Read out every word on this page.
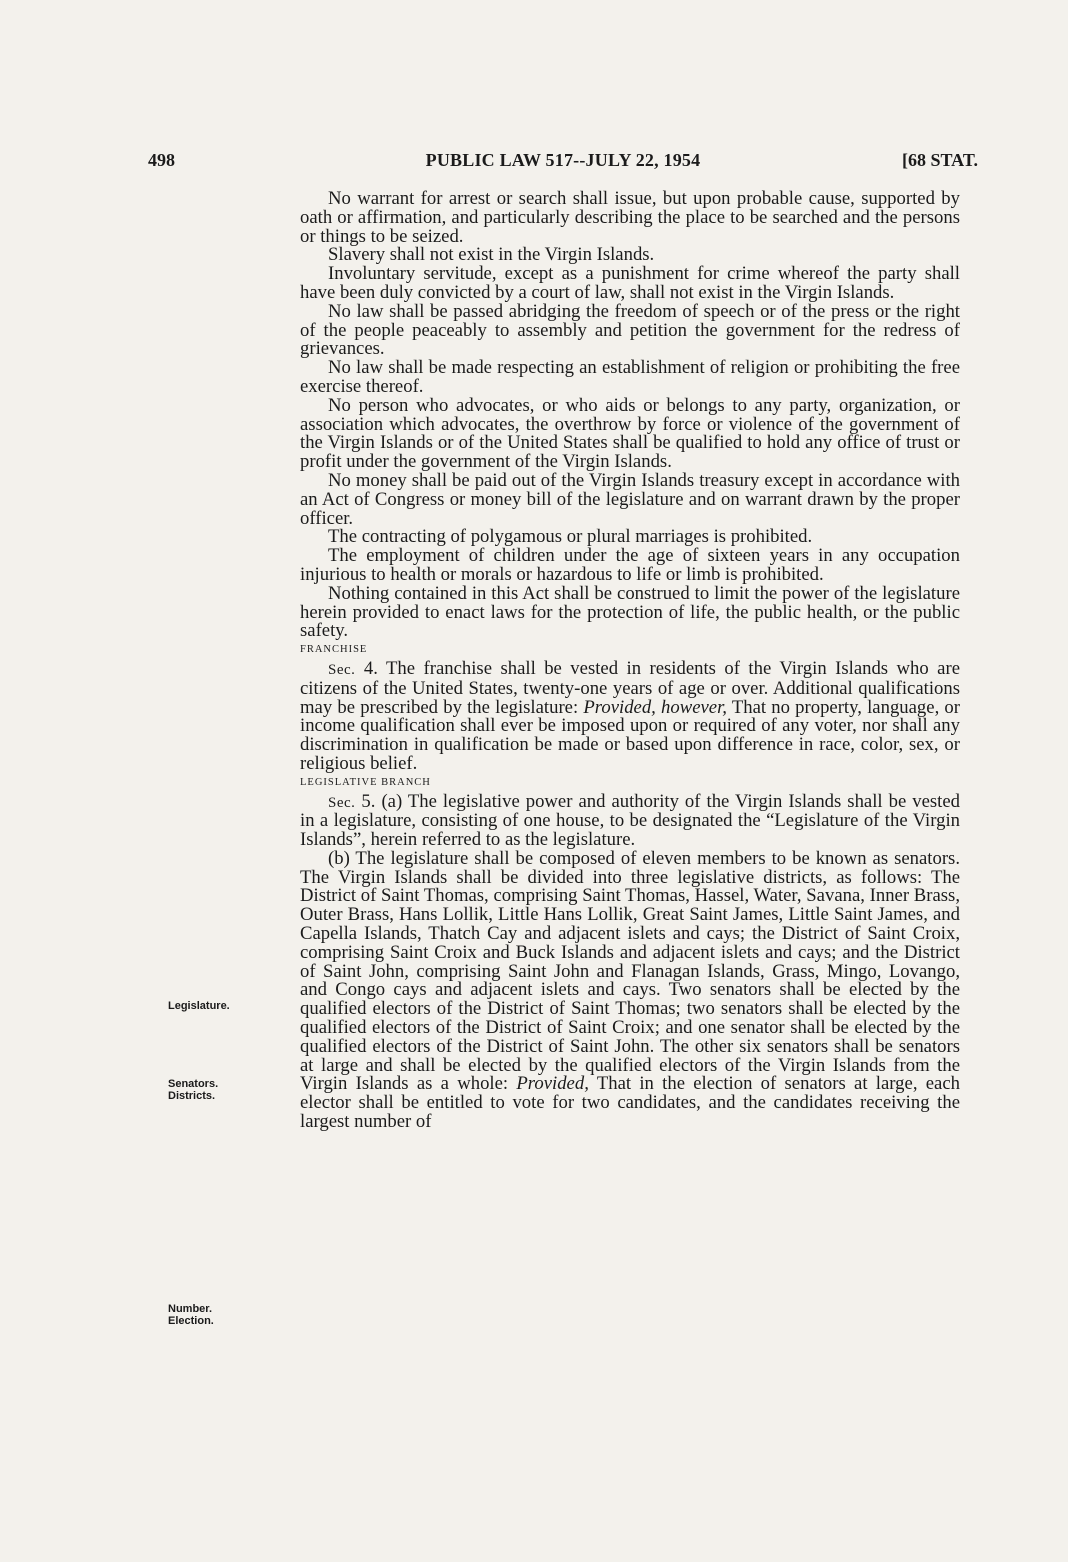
498	PUBLIC LAW 517--JULY 22, 1954	[68 STAT.

No warrant for arrest or search shall issue, but upon probable cause, supported by oath or affirmation, and particularly describing the place to be searched and the persons or things to be seized.

Slavery shall not exist in the Virgin Islands.

Involuntary servitude, except as a punishment for crime whereof the party shall have been duly convicted by a court of law, shall not exist in the Virgin Islands.

No law shall be passed abridging the freedom of speech or of the press or the right of the people peaceably to assembly and petition the government for the redress of grievances.

No law shall be made respecting an establishment of religion or prohibiting the free exercise thereof.

No person who advocates, or who aids or belongs to any party, organization, or association which advocates, the overthrow by force or violence of the government of the Virgin Islands or of the United States shall be qualified to hold any office of trust or profit under the government of the Virgin Islands.

No money shall be paid out of the Virgin Islands treasury except in accordance with an Act of Congress or money bill of the legislature and on warrant drawn by the proper officer.

The contracting of polygamous or plural marriages is prohibited.

The employment of children under the age of sixteen years in any occupation injurious to health or morals or hazardous to life or limb is prohibited.

Nothing contained in this Act shall be construed to limit the power of the legislature herein provided to enact laws for the protection of life, the public health, or the public safety.

FRANCHISE

Sec. 4. The franchise shall be vested in residents of the Virgin Islands who are citizens of the United States, twenty-one years of age or over. Additional qualifications may be prescribed by the legislature: Provided, however, That no property, language, or income qualification shall ever be imposed upon or required of any voter, nor shall any discrimination in qualification be made or based upon difference in race, color, sex, or religious belief.

LEGISLATIVE BRANCH

Sec. 5. (a) The legislative power and authority of the Virgin Islands shall be vested in a legislature, consisting of one house, to be designated the “Legislature of the Virgin Islands”, herein referred to as the legislature.

(b) The legislature shall be composed of eleven members to be known as senators. The Virgin Islands shall be divided into three legislative districts, as follows: The District of Saint Thomas, comprising Saint Thomas, Hassel, Water, Savana, Inner Brass, Outer Brass, Hans Lollik, Little Hans Lollik, Great Saint James, Little Saint James, and Capella Islands, Thatch Cay and adjacent islets and cays; the District of Saint Croix, comprising Saint Croix and Buck Islands and adjacent islets and cays; and the District of Saint John, comprising Saint John and Flanagan Islands, Grass, Mingo, Lovango, and Congo cays and adjacent islets and cays. Two senators shall be elected by the qualified electors of the District of Saint Thomas; two senators shall be elected by the qualified electors of the District of Saint Croix; and one senator shall be elected by the qualified electors of the District of Saint John. The other six senators shall be senators at large and shall be elected by the qualified electors of the Virgin Islands from the Virgin Islands as a whole: Provided, That in the election of senators at large, each elector shall be entitled to vote for two candidates, and the candidates receiving the largest number of

Legislature.
Senators.
Districts.
Number.
Election.
